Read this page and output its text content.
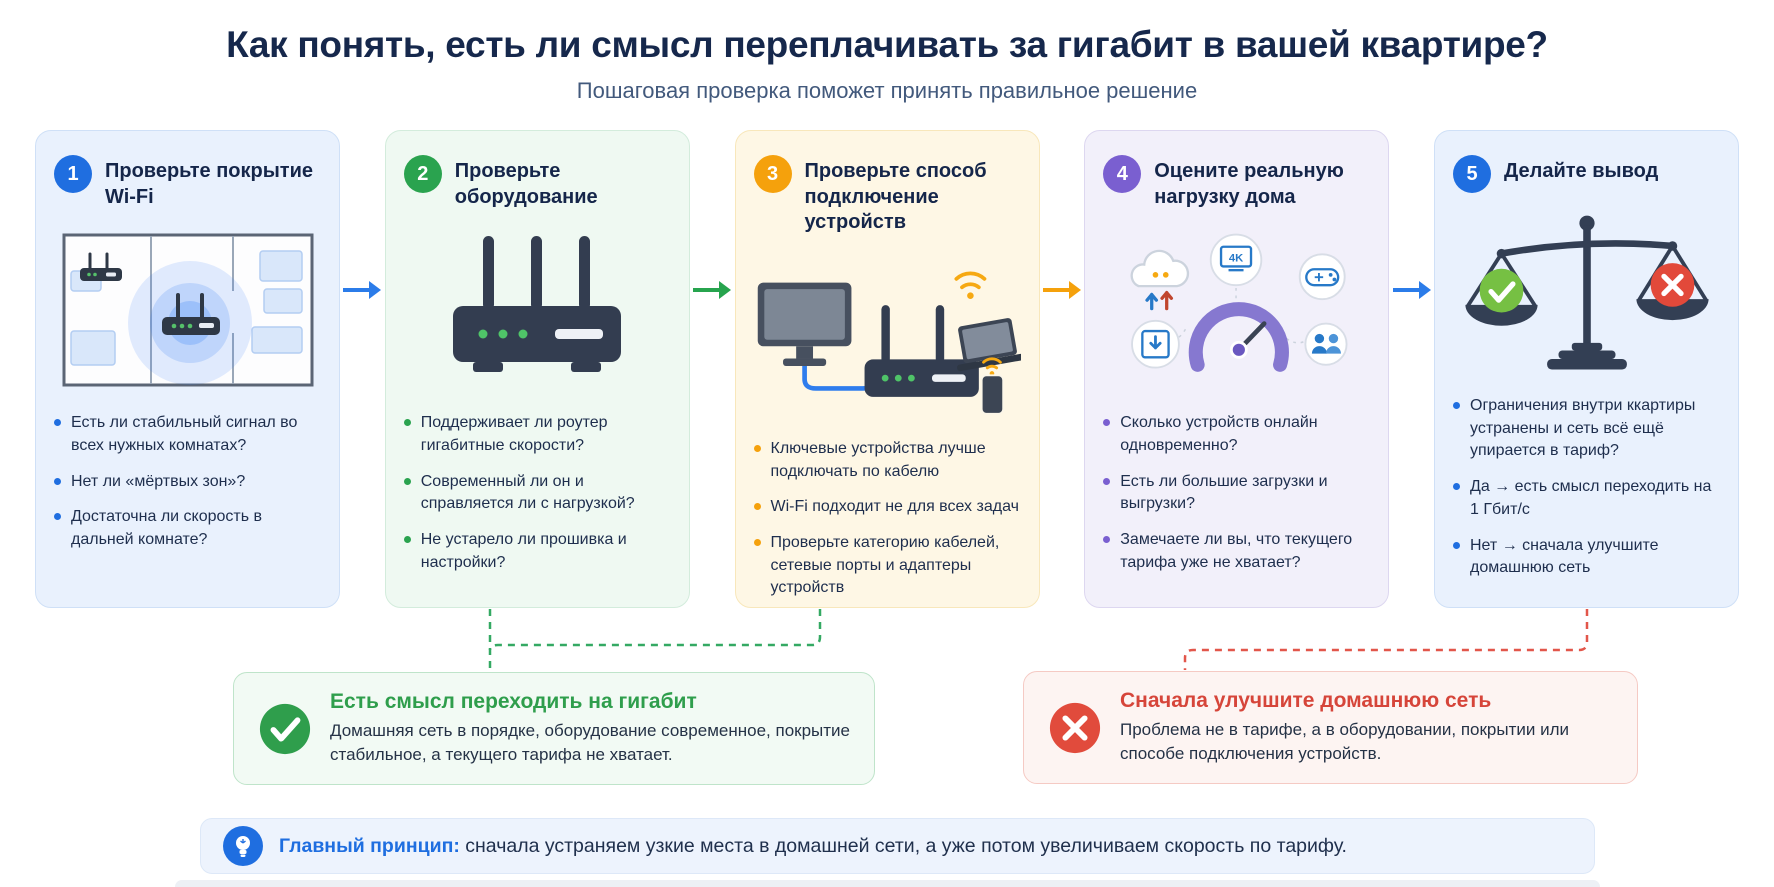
Как понять, есть ли смысл переплачивать за гигабит в вашей квартире?
Пошаговая проверка поможет принять правильное решение
1	Проверьте покрытие Wi-Fi
Есть ли стабильный сигнал во всех нужных комнатах?
Нет ли «мёртвых зон»?
Достаточна ли скорость в дальней комнате?
2	Проверьте оборудование
Поддерживает ли роутер гигабитные скорости?
Современный ли он и справляется ли с нагрузкой?
Не устарело ли прошивка и настройки?
3	Проверьте способ подключение устройств
Ключевые устройства лучше подключать по кабелю
Wi-Fi подходит не для всех задач
Проверьте категорию кабелей, сетевые порты и адаптеры устройств
4	Оцените реальную нагрузку дома
4K
Сколько устройств онлайн одновременно?
Есть ли большие загрузки и выгрузки?
Замечаете ли вы, что текущего тарифа уже не хватает?
5	Делайте вывод
Ограничения внутри ккартиры устранены и сеть всё ещё упирается в тариф?
Да → есть смысл переходить на 1 Гбит/с
Нет → сначала улучшите домашнюю сеть
Есть смысл переходить на гигабит
Домашняя сеть в порядке, оборудование современное, покрытие стабильное, а текущего тарифа не хватает.
Сначала улучшите домашнюю сеть
Проблема не в тарифе, а в оборудовании, покрытии или способе подключения устройств.
Главный принцип: сначала устраняем узкие места в домашней сети, а уже потом увеличиваем скорость по тарифу.
